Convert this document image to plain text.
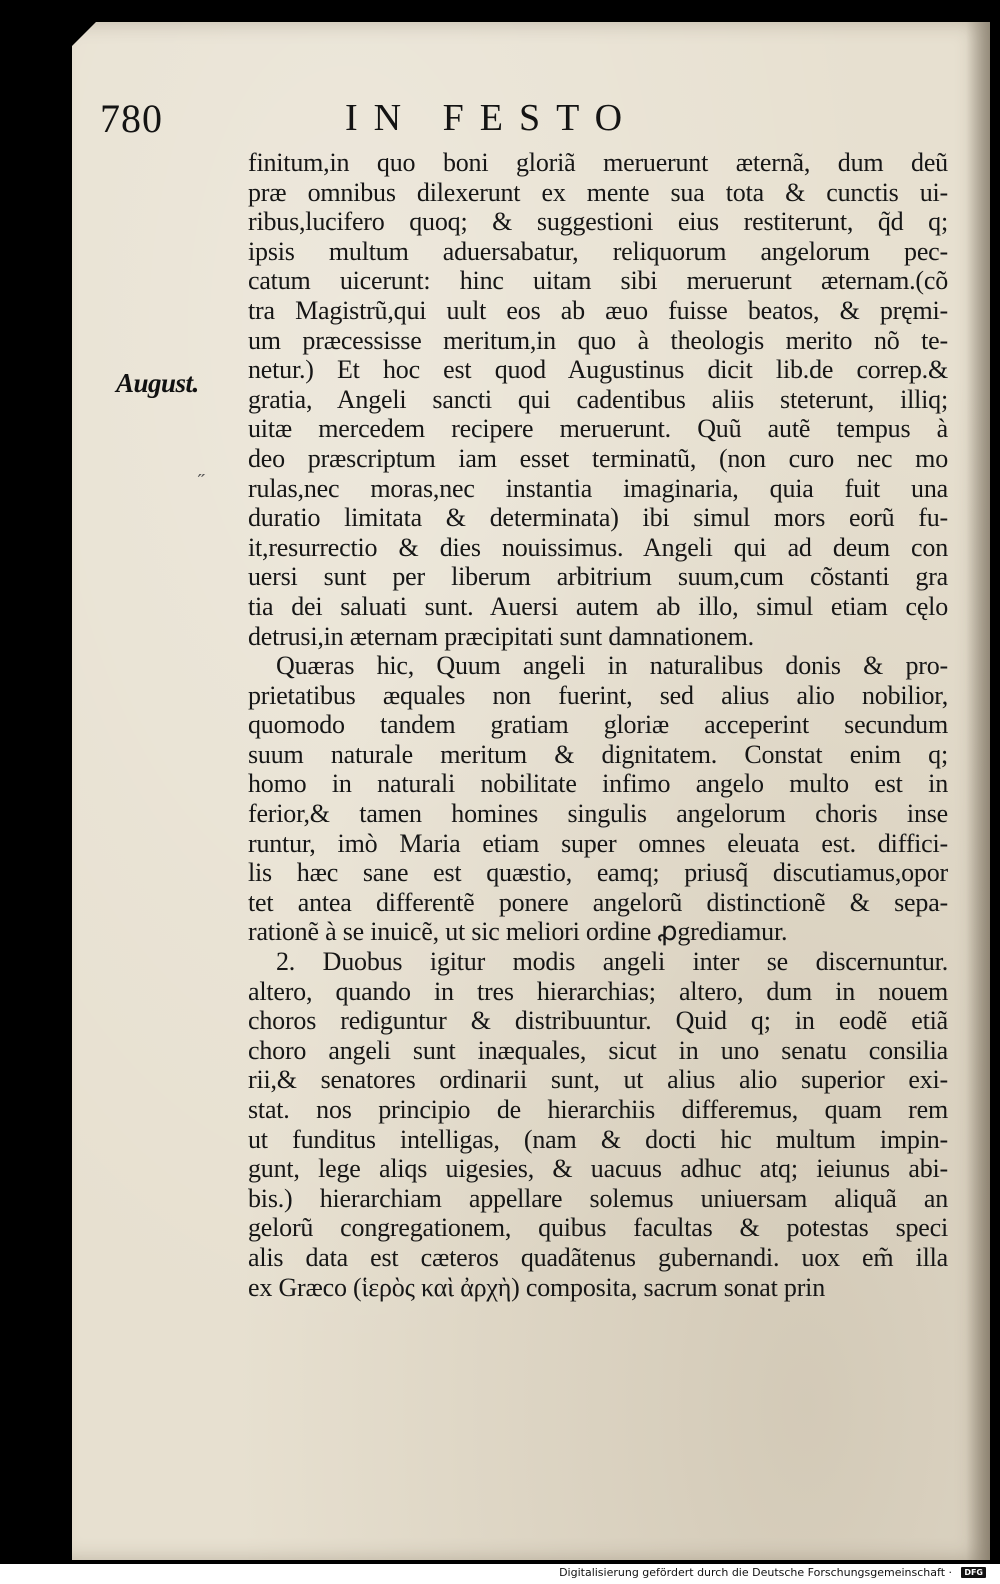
780	IN FESTO
August.
˶
finitum,in quo boni gloriã meruerunt æternã, dum deũ
præ omnibus dilexerunt ex mente sua tota & cunctis ui-
ribus,lucifero quoq; & suggestioni eius restiterunt, q̃d q;
ipsis multum aduersabatur, reliquorum angelorum pec-
catum uicerunt: hinc uitam sibi meruerunt æternam.(cõ
tra Magistrũ,qui uult eos ab æuo fuisse beatos, & pręmi-
um præcessisse meritum,in quo à theologis merito nõ te-
netur.) Et hoc est quod Augustinus dicit lib.de correp.&
gratia, Angeli sancti qui cadentibus aliis steterunt, illiq;
uitæ mercedem recipere meruerunt. Quũ autẽ tempus à
deo præscriptum iam esset terminatũ, (non curo nec mo
rulas,nec moras,nec instantia imaginaria, quia fuit una
duratio limitata & determinata) ibi simul mors eorũ fu-
it,resurrectio & dies nouissimus. Angeli qui ad deum con
uersi sunt per liberum arbitrium suum,cum cõstanti gra
tia dei saluati sunt. Auersi autem ab illo, simul etiam cęlo
detrusi,in æternam præcipitati sunt damnationem.
Quæras hic, Quum angeli in naturalibus donis & pro-
prietatibus æquales non fuerint, sed alius alio nobilior,
quomodo tandem gratiam gloriæ acceperint secundum
suum naturale meritum & dignitatem. Constat enim q;
homo in naturali nobilitate infimo angelo multo est in
ferior,& tamen homines singulis angelorum choris inse
runtur, imò Maria etiam super omnes eleuata est. diffici-
lis hæc sane est quæstio, eamq; priusq̃ discutiamus,opor
tet antea differentẽ ponere angelorũ distinctionẽ & sepa-
rationẽ à se inuicẽ, ut sic meliori ordine ꝓgrediamur.
2. Duobus igitur modis angeli inter se discernuntur.
altero, quando in tres hierarchias; altero, dum in nouem
choros rediguntur & distribuuntur. Quid q; in eodẽ etiã
choro angeli sunt inæquales, sicut in uno senatu consilia
rii,& senatores ordinarii sunt, ut alius alio superior exi-
stat. nos principio de hierarchiis differemus, quam rem
ut funditus intelligas, (nam & docti hic multum impin-
gunt, lege aliqs uigesies, & uacuus adhuc atq; ieiunus abi-
bis.) hierarchiam appellare solemus uniuersam aliquã an
gelorũ congregationem, quibus facultas & potestas speci
alis data est cæteros quadãtenus gubernandi. uox em̃ illa
ex Græco (ἱερὸς καὶ ἀρχὴ) composita, sacrum sonat prin
Digitalisierung gefördert durch die Deutsche Forschungsgemeinschaft ·	DFG
